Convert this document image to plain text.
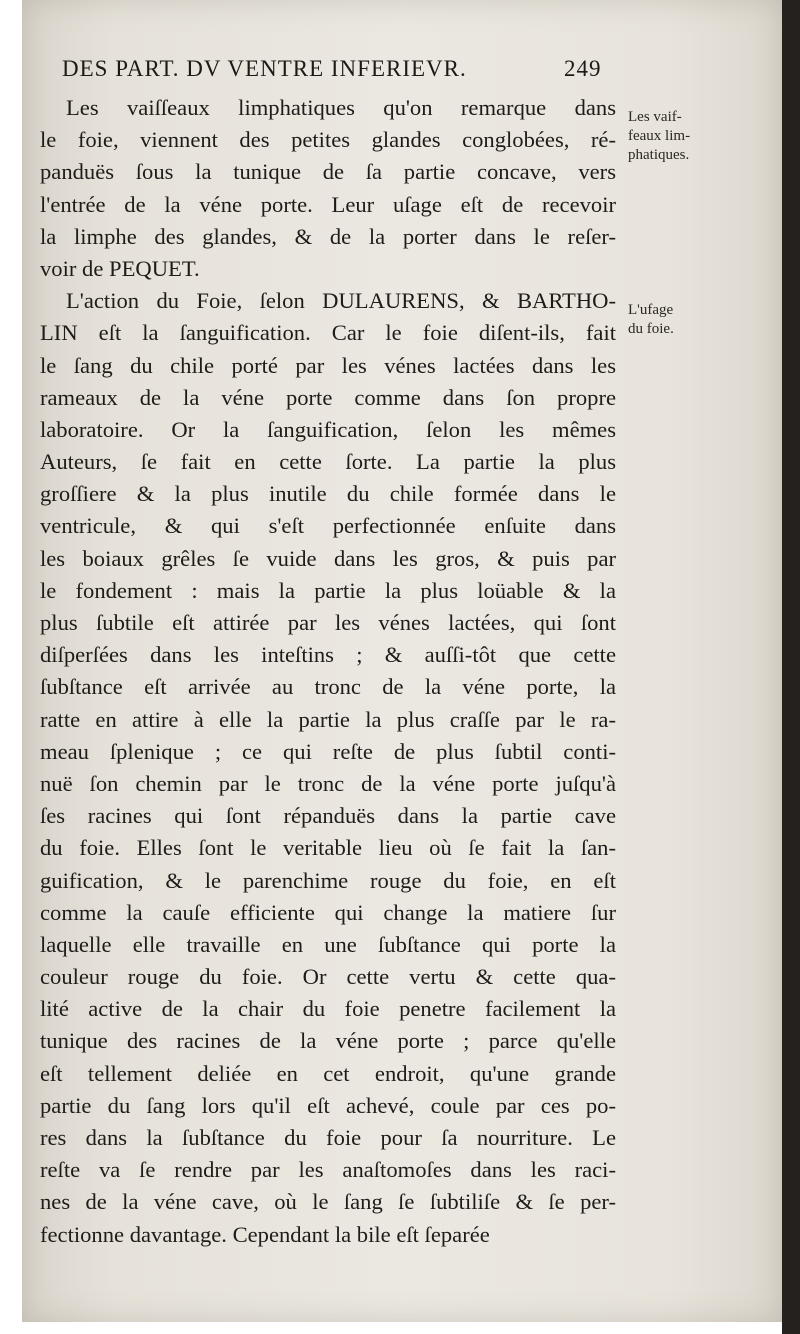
DES PART. DV VENTRE INFERIEVR.	249
Les vaif-
feaux lim-
phatiques.
L'ufage
du foie.
Les vaiſſeaux limphatiques qu'on remarque dans
le foie, viennent des petites glandes conglobées, ré-
panduës ſous la tunique de ſa partie concave, vers
l'entrée de la véne porte. Leur uſage eſt de recevoir
la limphe des glandes, & de la porter dans le reſer-
voir de PEQUET.
L'action du Foie, ſelon DULAURENS, & BARTHO-
LIN eſt la ſanguification. Car le foie diſent-ils, fait
le ſang du chile porté par les vénes lactées dans les
rameaux de la véne porte comme dans ſon propre
laboratoire. Or la ſanguification, ſelon les mêmes
Auteurs, ſe fait en cette ſorte. La partie la plus
groſſiere & la plus inutile du chile formée dans le
ventricule, & qui s'eſt perfectionnée enſuite dans
les boiaux grêles ſe vuide dans les gros, & puis par
le fondement : mais la partie la plus loüable & la
plus ſubtile eſt attirée par les vénes lactées, qui ſont
diſperſées dans les inteſtins ; & auſſi-tôt que cette
ſubſtance eſt arrivée au tronc de la véne porte, la
ratte en attire à elle la partie la plus craſſe par le ra-
meau ſplenique ; ce qui reſte de plus ſubtil conti-
nuë ſon chemin par le tronc de la véne porte juſqu'à
ſes racines qui ſont répanduës dans la partie cave
du foie. Elles ſont le veritable lieu où ſe fait la ſan-
guification, & le parenchime rouge du foie, en eſt
comme la cauſe efficiente qui change la matiere ſur
laquelle elle travaille en une ſubſtance qui porte la
couleur rouge du foie. Or cette vertu & cette qua-
lité active de la chair du foie penetre facilement la
tunique des racines de la véne porte ; parce qu'elle
eſt tellement deliée en cet endroit, qu'une grande
partie du ſang lors qu'il eſt achevé, coule par ces po-
res dans la ſubſtance du foie pour ſa nourriture. Le
reſte va ſe rendre par les anaſtomoſes dans les raci-
nes de la véne cave, où le ſang ſe ſubtiliſe & ſe per-
fectionne davantage. Cependant la bile eſt ſeparée
